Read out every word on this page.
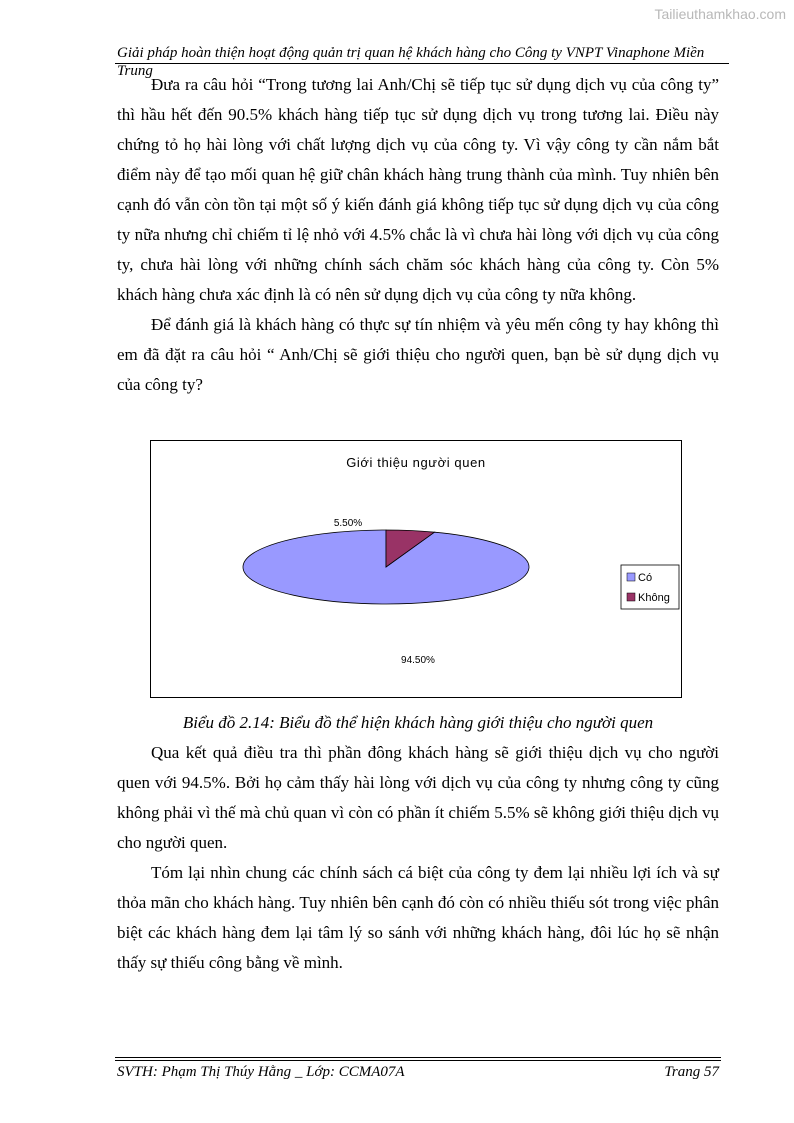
Tailieuthamkhao.com
Giải pháp hoàn thiện hoạt động quản trị quan hệ khách hàng cho Công ty VNPT Vinaphone Miền Trung

Đưa ra câu hỏi “Trong tương lai Anh/Chị sẽ tiếp tục sử dụng dịch vụ của công ty” thì hầu hết đến 90.5% khách hàng tiếp tục sử dụng dịch vụ trong tương lai. Điều này chứng tỏ họ hài lòng với chất lượng dịch vụ của công ty. Vì vậy công ty cần nắm bắt điểm này để tạo mối quan hệ giữ chân khách hàng trung thành của mình. Tuy nhiên bên cạnh đó vẫn còn tồn tại một số ý kiến đánh giá không tiếp tục sử dụng dịch vụ của công ty nữa nhưng chỉ chiếm tỉ lệ nhỏ với 4.5% chắc là vì chưa hài lòng với dịch vụ của công ty, chưa hài lòng với những chính sách chăm sóc khách hàng của công ty. Còn 5% khách hàng chưa xác định là có nên sử dụng dịch vụ của công ty nữa không.

Để đánh giá là khách hàng có thực sự tín nhiệm và yêu mến công ty hay không thì em đã đặt ra câu hỏi “ Anh/Chị sẽ giới thiệu cho người quen, bạn bè sử dụng dịch vụ của công ty?

Giới thiệu người quen
5.50%
94.50%
Có
Không
Biểu đồ 2.14: Biểu đồ thể hiện khách hàng giới thiệu cho người quen

Qua kết quả điều tra thì phần đông khách hàng sẽ giới thiệu dịch vụ cho người quen với 94.5%. Bởi họ cảm thấy hài lòng với dịch vụ của công ty nhưng công ty cũng không phải vì thế mà chủ quan vì còn có phần ít chiếm 5.5% sẽ không giới thiệu dịch vụ cho người quen.

Tóm lại nhìn chung các chính sách cá biệt của công ty đem lại nhiều lợi ích và sự thỏa mãn cho khách hàng. Tuy nhiên bên cạnh đó còn có nhiều thiếu sót trong việc phân biệt các khách hàng đem lại tâm lý so sánh với những khách hàng, đôi lúc họ sẽ nhận thấy sự thiếu công bằng về mình.

SVTH: Phạm Thị Thúy Hằng _ Lớp: CCMA07A	Trang 57
